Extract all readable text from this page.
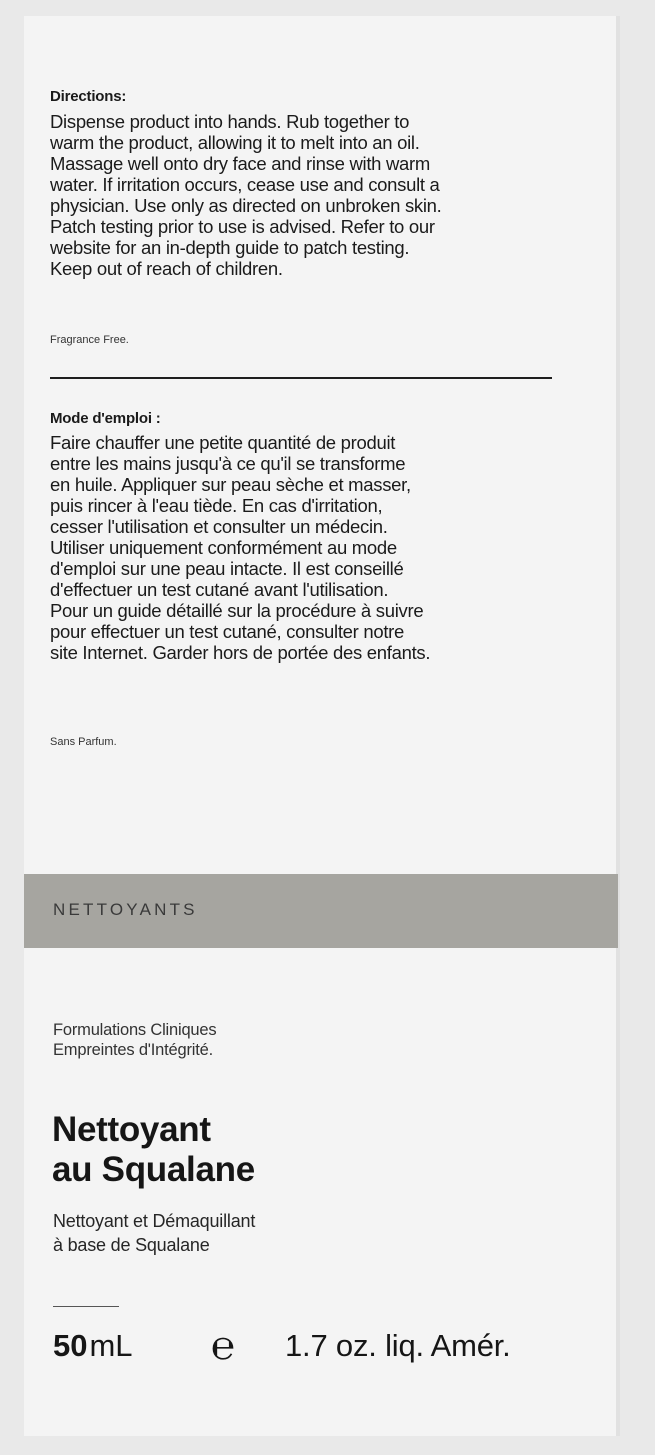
Directions:
Dispense product into hands. Rub together to
warm the product, allowing it to melt into an oil.
Massage well onto dry face and rinse with warm
water. If irritation occurs, cease use and consult a
physician. Use only as directed on unbroken skin.
Patch testing prior to use is advised. Refer to our
website for an in-depth guide to patch testing.
Keep out of reach of children.
Fragrance Free.
Mode d'emploi :
Faire chauffer une petite quantité de produit
entre les mains jusqu'à ce qu'il se transforme
en huile. Appliquer sur peau sèche et masser,
puis rincer à l'eau tiède. En cas d'irritation,
cesser l'utilisation et consulter un médecin.
Utiliser uniquement conformément au mode
d'emploi sur une peau intacte. Il est conseillé
d'effectuer un test cutané avant l'utilisation.
Pour un guide détaillé sur la procédure à suivre
pour effectuer un test cutané, consulter notre
site Internet. Garder hors de portée des enfants.
Sans Parfum.
NETTOYANTS
Formulations Cliniques
Empreintes d'Intégrité.
Nettoyant
au Squalane
Nettoyant et Démaquillant
à base de Squalane
50mL ℮ 1.7 oz. liq. Amér.
